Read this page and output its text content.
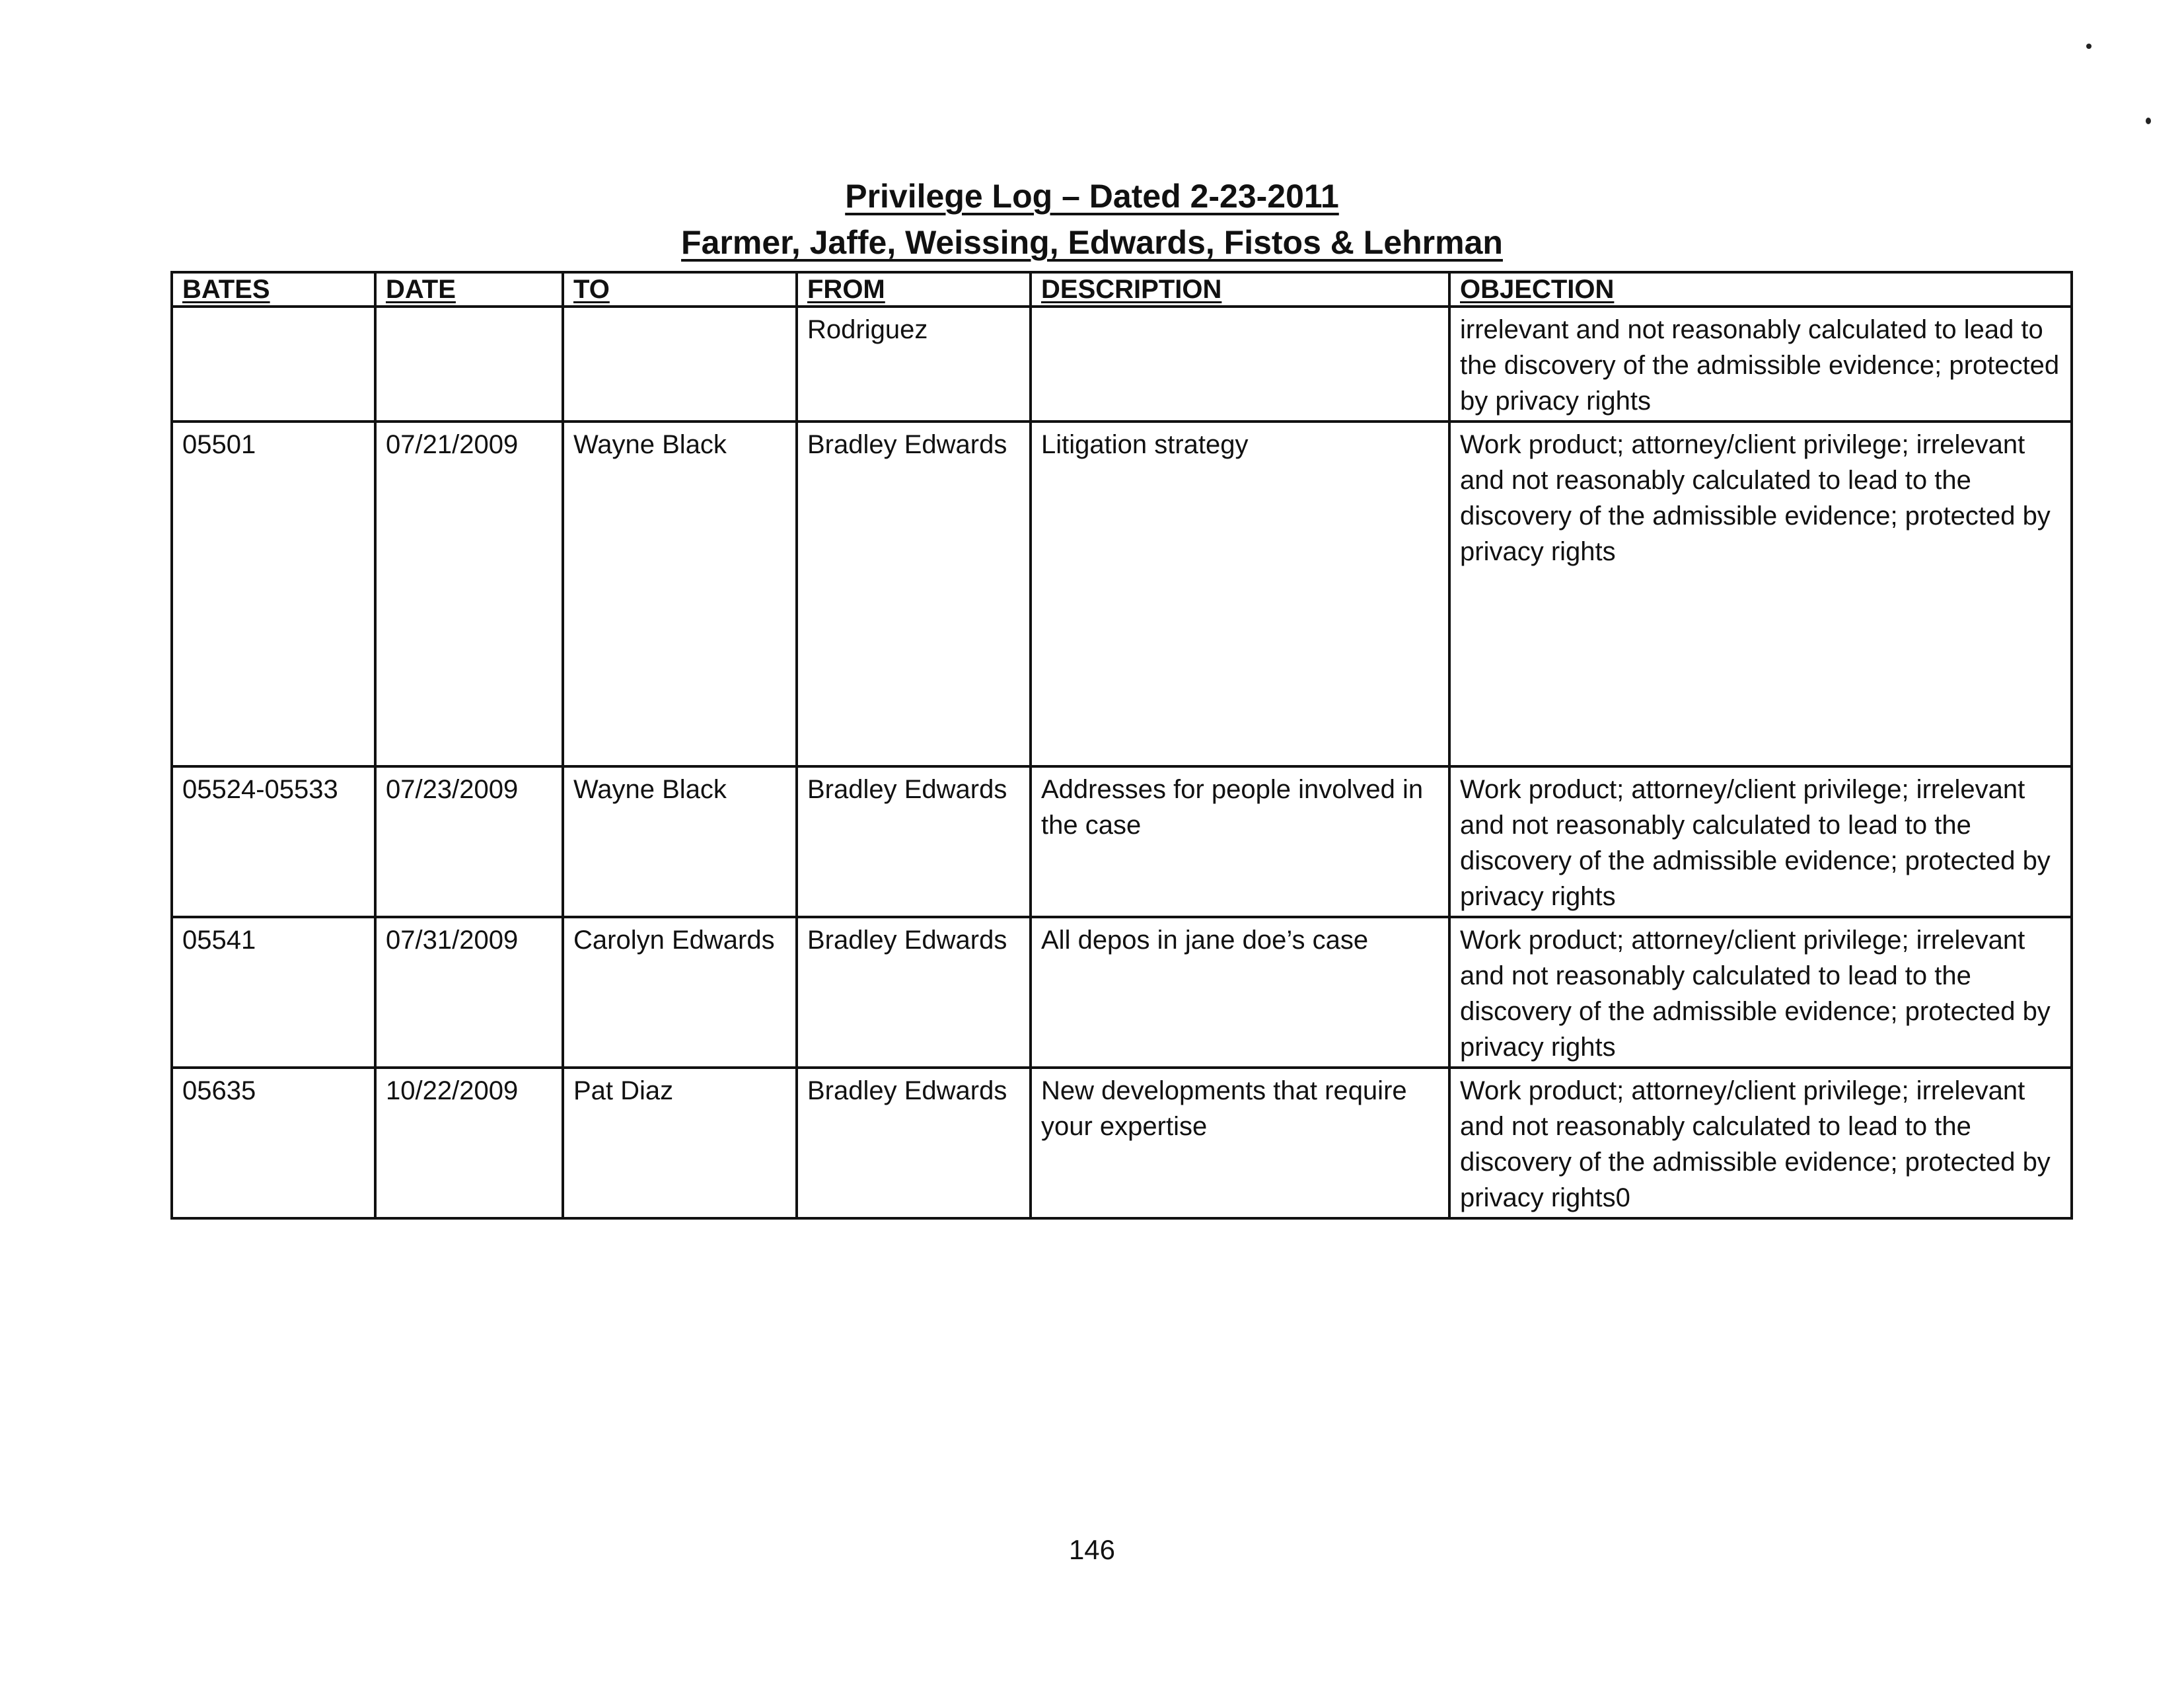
Privilege Log – Dated 2-23-2011
Farmer, Jaffe, Weissing, Edwards, Fistos & Lehrman
BATES	DATE	TO	FROM	DESCRIPTION	OBJECTION
			Rodriguez		irrelevant and not reasonably calculated to lead to the discovery of the admissible evidence; protected by privacy rights
05501	07/21/2009	Wayne Black	Bradley Edwards	Litigation strategy	Work product; attorney/client privilege; irrelevant and not reasonably calculated to lead to the discovery of the admissible evidence; protected by privacy rights
05524-05533	07/23/2009	Wayne Black	Bradley Edwards	Addresses for people involved in the case	Work product; attorney/client privilege; irrelevant and not reasonably calculated to lead to the discovery of the admissible evidence; protected by privacy rights
05541	07/31/2009	Carolyn Edwards	Bradley Edwards	All depos in jane doe’s case	Work product; attorney/client privilege; irrelevant and not reasonably calculated to lead to the discovery of the admissible evidence; protected by privacy rights
05635	10/22/2009	Pat Diaz	Bradley Edwards	New developments that require your expertise	Work product; attorney/client privilege; irrelevant and not reasonably calculated to lead to the discovery of the admissible evidence; protected by privacy rights0
146
